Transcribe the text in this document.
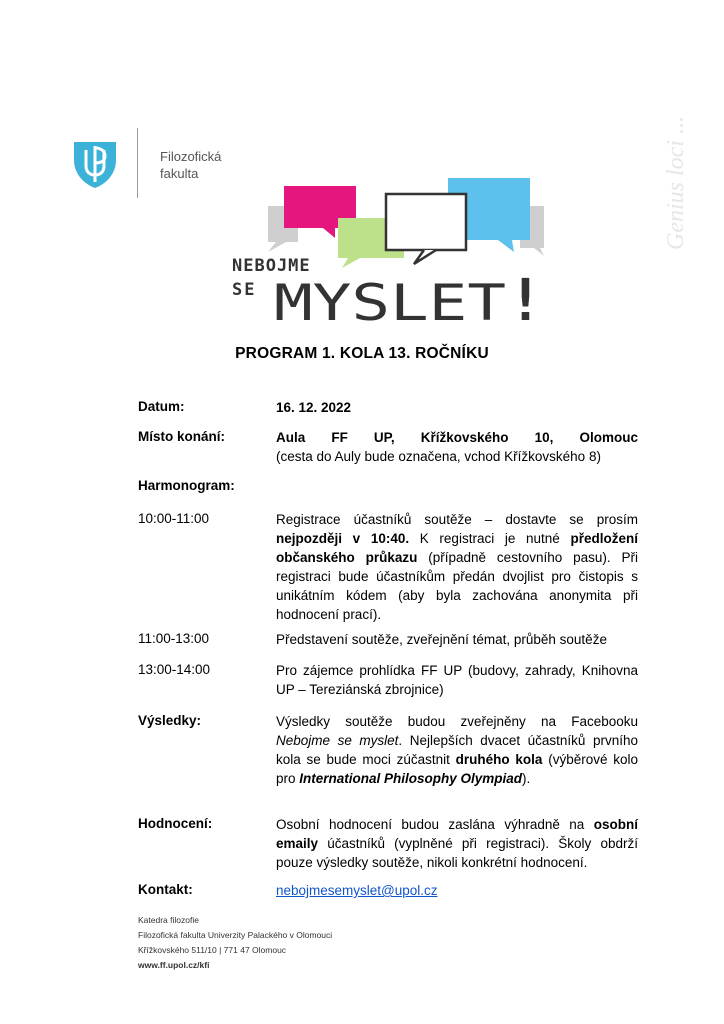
Filozofická
fakulta	Genius loci ...
NEBOJME
SE MYSLET !
PROGRAM 1. KOLA 13. ROČNÍKU
Datum:	16. 12. 2022
Místo konání:	Aula FF UP, Křížkovského 10, Olomouc

(cesta do Auly bude označena, vchod Křížkovského 8)

Harmonogram:
10:00-11:00	Registrace účastníků soutěže – dostavte se prosím nejpozději v 10:40. K registraci je nutné předložení občanského průkazu (případně cestovního pasu). Při registraci bude účastníkům předán dvojlist pro čistopis s unikátním kódem (aby byla zachována anonymita při hodnocení prací).

11:00-13:00	Představení soutěže, zveřejnění témat, průběh soutěže
13:00-14:00	Pro zájemce prohlídka FF UP (budovy, zahrady, Knihovna UP – Tereziánská zbrojnice)
Výsledky:	Výsledky soutěže budou zveřejněny na Facebooku Nebojme se myslet. Nejlepších dvacet účastníků prvního kola se bude moci zúčastnit druhého kola (výběrové kolo pro International Philosophy Olympiad).

Hodnocení:	Osobní hodnocení budou zaslána výhradně na osobní emaily účastníků (vyplněné při registraci). Školy obdrží pouze výsledky soutěže, nikoli konkrétní hodnocení.

Kontakt:	nebojmesemyslet@upol.cz
Katedra filozofie
Filozofická fakulta Univerzity Palackého v Olomouci
Křížkovského 511/10 | 771 47 Olomouc
www.ff.upol.cz/kfi
